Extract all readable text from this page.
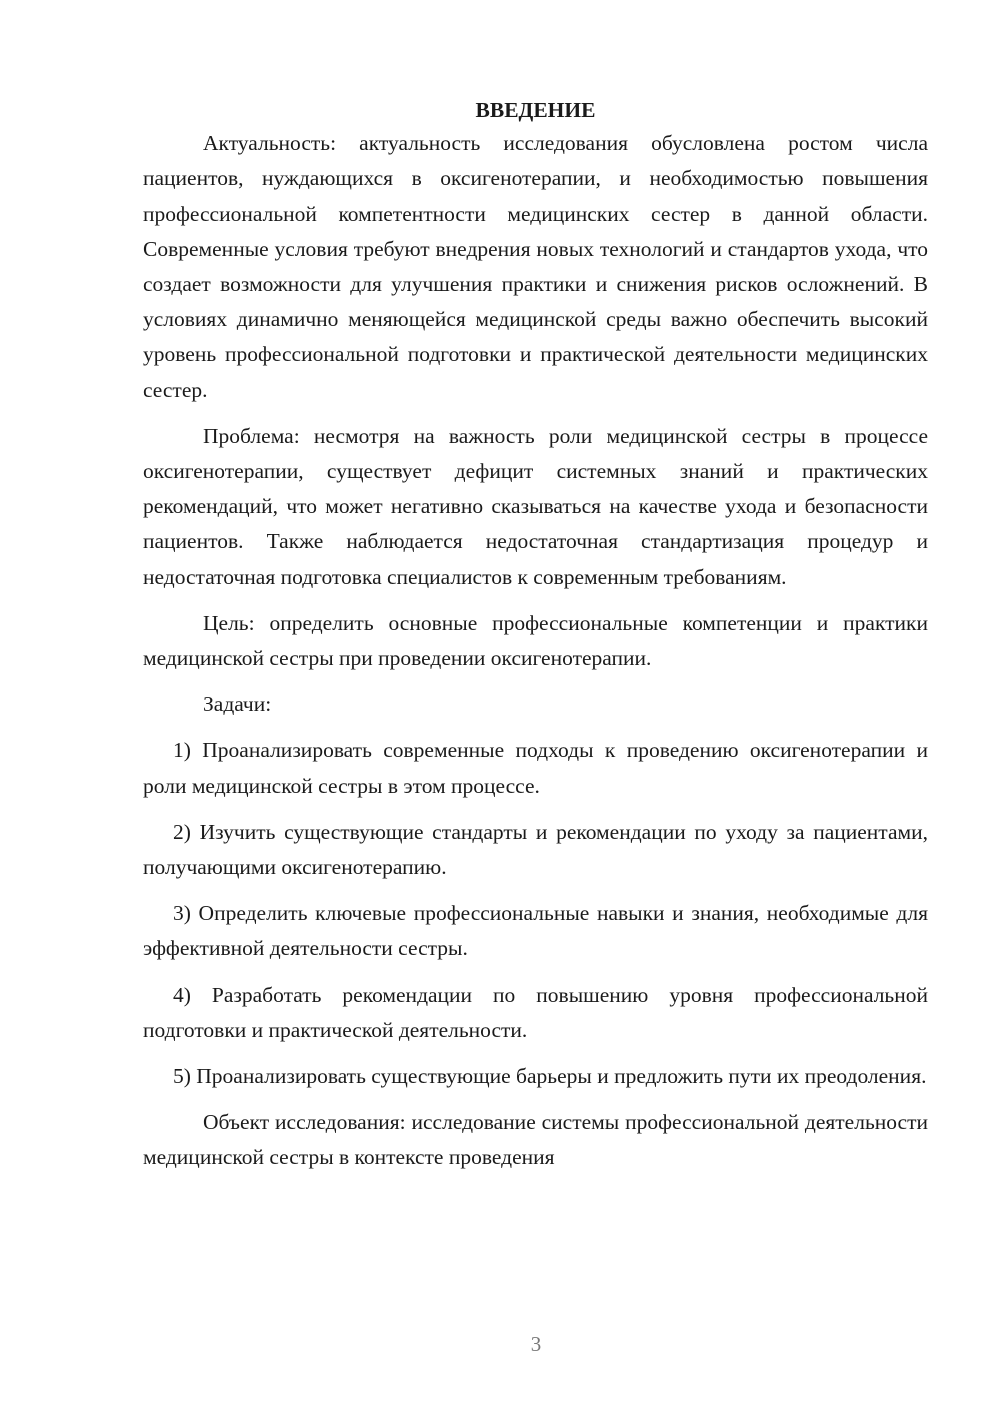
ВВЕДЕНИЕ

Актуальность: актуальность исследования обусловлена ростом числа пациентов, нуждающихся в оксигенотерапии, и необходимостью повышения профессиональной компетентности медицинских сестер в данной области. Современные условия требуют внедрения новых технологий и стандартов ухода, что создает возможности для улучшения практики и снижения рисков осложнений. В условиях динамично меняющейся медицинской среды важно обеспечить высокий уровень профессиональной подготовки и практической деятельности медицинских сестер.

Проблема: несмотря на важность роли медицинской сестры в процессе оксигенотерапии, существует дефицит системных знаний и практических рекомендаций, что может негативно сказываться на качестве ухода и безопасности пациентов. Также наблюдается недостаточная стандартизация процедур и недостаточная подготовка специалистов к современным требованиям.

Цель: определить основные профессиональные компетенции и практики медицинской сестры при проведении оксигенотерапии.

Задачи:

1) Проанализировать современные подходы к проведению оксигенотерапии и роли медицинской сестры в этом процессе.

2) Изучить существующие стандарты и рекомендации по уходу за пациентами, получающими оксигенотерапию.

3) Определить ключевые профессиональные навыки и знания, необходимые для эффективной деятельности сестры.

4) Разработать рекомендации по повышению уровня профессиональной подготовки и практической деятельности.

5) Проанализировать существующие барьеры и предложить пути их преодоления.

Объект исследования: исследование системы профессиональной деятельности медицинской сестры в контексте проведения

3
